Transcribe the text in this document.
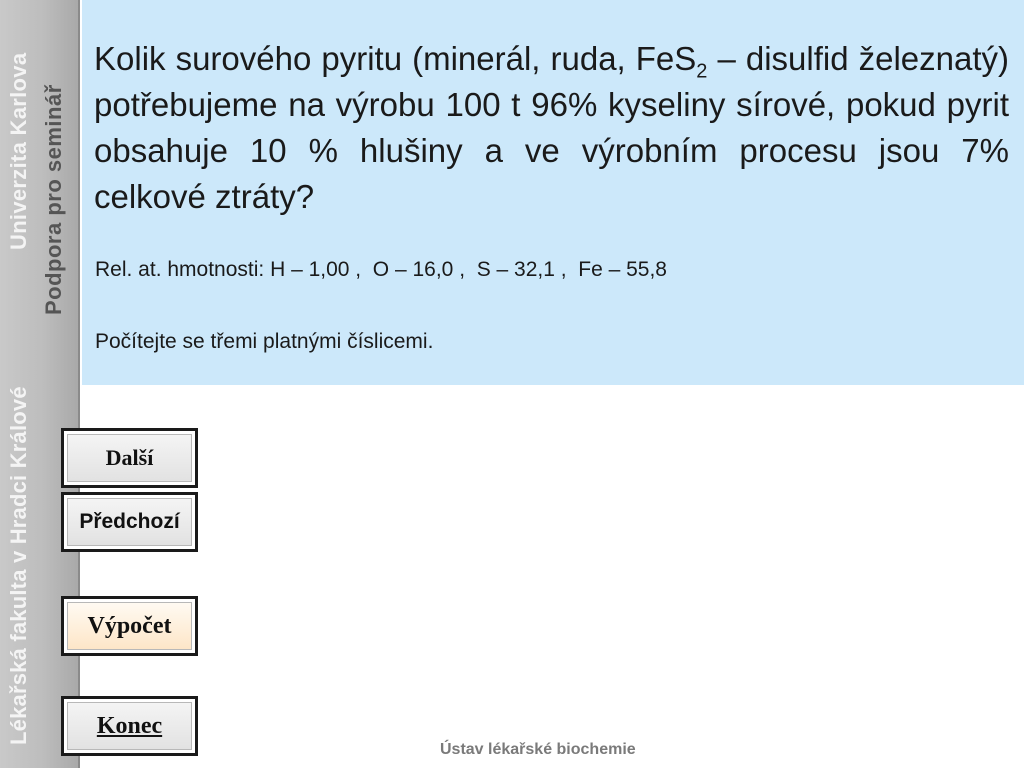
Univerzita Karlova Podpora pro seminář
Lékařská fakulta v Hradci Králové

Kolik surového pyritu (minerál, ruda, FeS$_2$ – disulfid železnatý) potřebujeme na výrobu 100 t 96% kyseliny sírové, pokud pyrit obsahuje 10 % hlušiny a ve výrobním procesu jsou 7% celkové ztráty?

Rel. at. hmotnosti: H – 1,00 ,  O – 16,0 ,  S – 32,1 ,  Fe – 55,8

Počítejte se třemi platnými číslicemi.

Další
Předchozí
Výpočet
Konec
Ústav lékařské biochemie
